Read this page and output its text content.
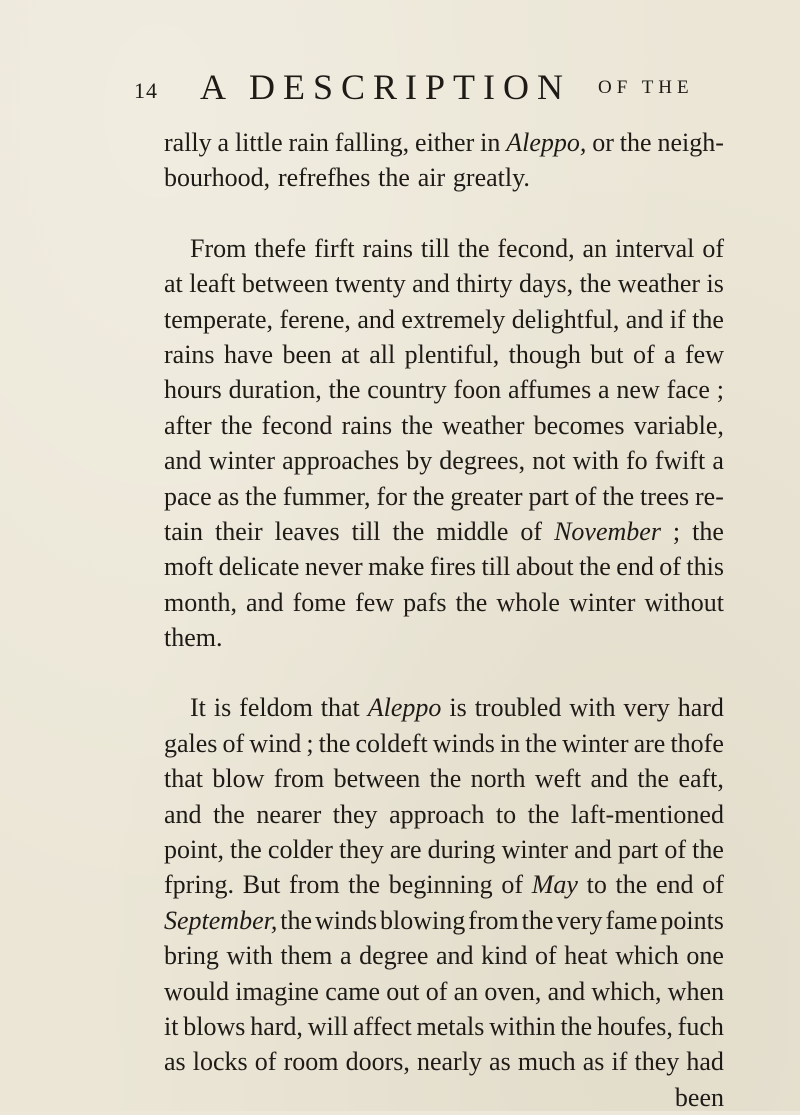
14 A DESCRIPTION OF THE
rally a little rain falling, either in Aleppo, or the neigh-
bourhood, refrefhes the air greatly.
From thefe firft rains till the fecond, an interval of
at leaft between twenty and thirty days, the weather is
temperate, ferene, and extremely delightful, and if the
rains have been at all plentiful, though but of a few
hours duration, the country foon affumes a new face ;
after the fecond rains the weather becomes variable,
and winter approaches by degrees, not with fo fwift a
pace as the fummer, for the greater part of the trees re-
tain their leaves till the middle of November ; the
moft delicate never make fires till about the end of this
month, and fome few pafs the whole winter without
them.
It is feldom that Aleppo is troubled with very hard
gales of wind ; the coldeft winds in the winter are thofe
that blow from between the north weft and the eaft,
and the nearer they approach to the laft-mentioned
point, the colder they are during winter and part of the
fpring. But from the beginning of May to the end of
September, the winds blowing from the very fame points
bring with them a degree and kind of heat which one
would imagine came out of an oven, and which, when
it blows hard, will affect metals within the houfes, fuch
as locks of room doors, nearly as much as if they had
been
